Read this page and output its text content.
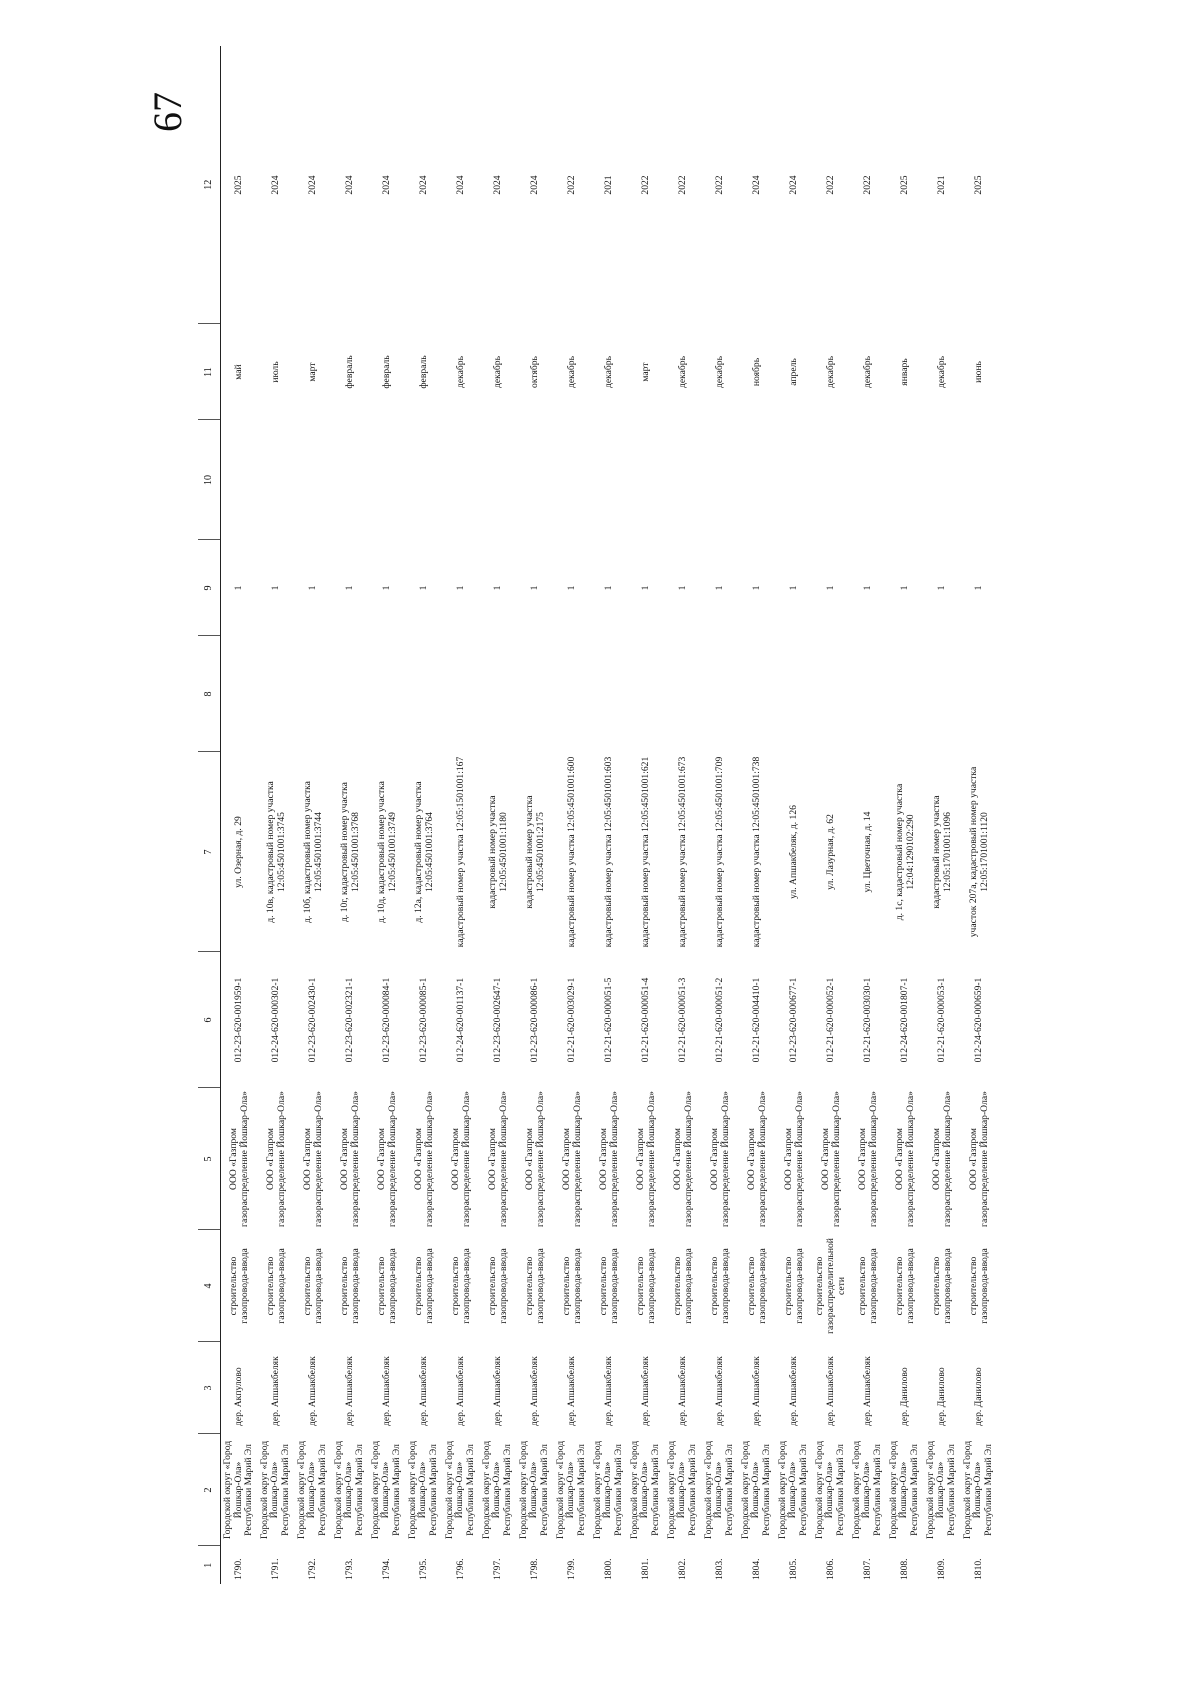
67
1	2	3	4	5	6	7	8	9	10	11	12
1790.	Городской округ «Город Йошкар-Ола» Республики Марий Эл	дер. Акпулово	строительство газопровода-ввода	ООО «Газпром газораспределение Йошкар-Ола»	012-23-620-001959-1	ул. Озерная, д. 29		1		май	2025
1791.	Городской округ «Город Йошкар-Ола» Республики Марий Эл	дер. Апшакбеляк	строительство газопровода-ввода	ООО «Газпром газораспределение Йошкар-Ола»	012-24-620-000302-1	д. 10в, кадастровый номер участка 12:05:4501001:3745		1		июль	2024
1792.	Городской округ «Город Йошкар-Ола» Республики Марий Эл	дер. Апшакбеляк	строительство газопровода-ввода	ООО «Газпром газораспределение Йошкар-Ола»	012-23-620-002430-1	д. 10б, кадастровый номер участка 12:05:4501001:3744		1		март	2024
1793.	Городской округ «Город Йошкар-Ола» Республики Марий Эл	дер. Апшакбеляк	строительство газопровода-ввода	ООО «Газпром газораспределение Йошкар-Ола»	012-23-620-002321-1	д. 10г, кадастровый номер участка 12:05:4501001:3768		1		февраль	2024
1794.	Городской округ «Город Йошкар-Ола» Республики Марий Эл	дер. Апшакбеляк	строительство газопровода-ввода	ООО «Газпром газораспределение Йошкар-Ола»	012-23-620-000084-1	д. 10д, кадастровый номер участка 12:05:4501001:3749		1		февраль	2024
1795.	Городской округ «Город Йошкар-Ола» Республики Марий Эл	дер. Апшакбеляк	строительство газопровода-ввода	ООО «Газпром газораспределение Йошкар-Ола»	012-23-620-000085-1	д. 12а, кадастровый номер участка 12:05:4501001:3764		1		февраль	2024
1796.	Городской округ «Город Йошкар-Ола» Республики Марий Эл	дер. Апшакбеляк	строительство газопровода-ввода	ООО «Газпром газораспределение Йошкар-Ола»	012-24-620-001137-1	кадастровый номер участка 12:05:1501001:167		1		декабрь	2024
1797.	Городской округ «Город Йошкар-Ола» Республики Марий Эл	дер. Апшакбеляк	строительство газопровода-ввода	ООО «Газпром газораспределение Йошкар-Ола»	012-23-620-002647-1	кадастровый номер участка 12:05:4501001:1180		1		декабрь	2024
1798.	Городской округ «Город Йошкар-Ола» Республики Марий Эл	дер. Апшакбеляк	строительство газопровода-ввода	ООО «Газпром газораспределение Йошкар-Ола»	012-23-620-000086-1	кадастровый номер участка 12:05:4501001:2175		1		октябрь	2024
1799.	Городской округ «Город Йошкар-Ола» Республики Марий Эл	дер. Апшакбеляк	строительство газопровода-ввода	ООО «Газпром газораспределение Йошкар-Ола»	012-21-620-003029-1	кадастровый номер участка 12:05:4501001:600		1		декабрь	2022
1800.	Городской округ «Город Йошкар-Ола» Республики Марий Эл	дер. Апшакбеляк	строительство газопровода-ввода	ООО «Газпром газораспределение Йошкар-Ола»	012-21-620-000051-5	кадастровый номер участка 12:05:4501001:603		1		декабрь	2021
1801.	Городской округ «Город Йошкар-Ола» Республики Марий Эл	дер. Апшакбеляк	строительство газопровода-ввода	ООО «Газпром газораспределение Йошкар-Ола»	012-21-620-000051-4	кадастровый номер участка 12:05:4501001:621		1		март	2022
1802.	Городской округ «Город Йошкар-Ола» Республики Марий Эл	дер. Апшакбеляк	строительство газопровода-ввода	ООО «Газпром газораспределение Йошкар-Ола»	012-21-620-000051-3	кадастровый номер участка 12:05:4501001:673		1		декабрь	2022
1803.	Городской округ «Город Йошкар-Ола» Республики Марий Эл	дер. Апшакбеляк	строительство газопровода-ввода	ООО «Газпром газораспределение Йошкар-Ола»	012-21-620-000051-2	кадастровый номер участка 12:05:4501001:709		1		декабрь	2022
1804.	Городской округ «Город Йошкар-Ола» Республики Марий Эл	дер. Апшакбеляк	строительство газопровода-ввода	ООО «Газпром газораспределение Йошкар-Ола»	012-21-620-004410-1	кадастровый номер участка 12:05:4501001:738		1		ноябрь	2024
1805.	Городской округ «Город Йошкар-Ола» Республики Марий Эл	дер. Апшакбеляк	строительство газопровода-ввода	ООО «Газпром газораспределение Йошкар-Ола»	012-23-620-000677-1	ул. Апшакбеляк, д. 126		1		апрель	2024
1806.	Городской округ «Город Йошкар-Ола» Республики Марий Эл	дер. Апшакбеляк	строительство газораспределительной сети	ООО «Газпром газораспределение Йошкар-Ола»	012-21-620-000052-1	ул. Лазурная, д. 62		1		декабрь	2022
1807.	Городской округ «Город Йошкар-Ола» Республики Марий Эл	дер. Апшакбеляк	строительство газопровода-ввода	ООО «Газпром газораспределение Йошкар-Ола»	012-21-620-003030-1	ул. Цветочная, д. 14		1		декабрь	2022
1808.	Городской округ «Город Йошкар-Ола» Республики Марий Эл	дер. Данилово	строительство газопровода-ввода	ООО «Газпром газораспределение Йошкар-Ола»	012-24-620-001807-1	д. 1с, кадастровый номер участка 12:04:1290102:290		1		январь	2025
1809.	Городской округ «Город Йошкар-Ола» Республики Марий Эл	дер. Данилово	строительство газопровода-ввода	ООО «Газпром газораспределение Йошкар-Ола»	012-21-620-000053-1	кадастровый номер участка 12:05:1701001:1096		1		декабрь	2021
1810.	Городской округ «Город Йошкар-Ола» Республики Марий Эл	дер. Данилово	строительство газопровода-ввода	ООО «Газпром газораспределение Йошкар-Ола»	012-24-620-000659-1	участок 207а, кадастровый номер участка 12:05:1701001:1120		1		июнь	2025
